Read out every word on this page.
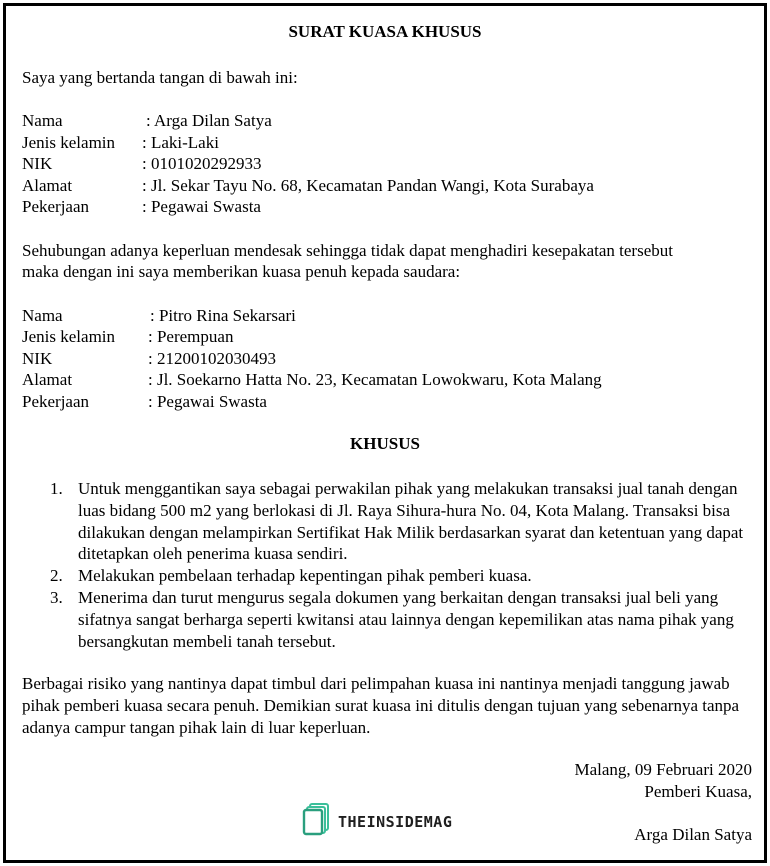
SURAT KUASA KHUSUS
Saya yang bertanda tangan di bawah ini:
Nama	: Arga Dilan Satya
Jenis kelamin : Laki-Laki
NIK	: 0101020292933
Alamat	: Jl. Sekar Tayu No. 68, Kecamatan Pandan Wangi, Kota Surabaya
Pekerjaan	: Pegawai Swasta
Sehubungan adanya keperluan mendesak sehingga tidak dapat menghadiri kesepakatan tersebut
maka dengan ini saya memberikan kuasa penuh kepada saudara:
Nama	: Pitro Rina Sekarsari
Jenis kelamin : Perempuan
NIK	: 21200102030493
Alamat	: Jl. Soekarno Hatta No. 23, Kecamatan Lowokwaru, Kota Malang
Pekerjaan	: Pegawai Swasta
KHUSUS
1. Untuk menggantikan saya sebagai perwakilan pihak yang melakukan transaksi jual tanah dengan luas bidang 500 m2 yang berlokasi di Jl. Raya Sihura-hura No. 04, Kota Malang. Transaksi bisa dilakukan dengan melampirkan Sertifikat Hak Milik berdasarkan syarat dan ketentuan yang dapat ditetapkan oleh penerima kuasa sendiri.
2. Melakukan pembelaan terhadap kepentingan pihak pemberi kuasa.
3. Menerima dan turut mengurus segala dokumen yang berkaitan dengan transaksi jual beli yang sifatnya sangat berharga seperti kwitansi atau lainnya dengan kepemilikan atas nama pihak yang bersangkutan membeli tanah tersebut.
Berbagai risiko yang nantinya dapat timbul dari pelimpahan kuasa ini nantinya menjadi tanggung jawab pihak pemberi kuasa secara penuh. Demikian surat kuasa ini ditulis dengan tujuan yang sebenarnya tanpa adanya campur tangan pihak lain di luar keperluan.
Malang, 09 Februari 2020
Pemberi Kuasa,
Arga Dilan Satya
THEINSIDEMAG
